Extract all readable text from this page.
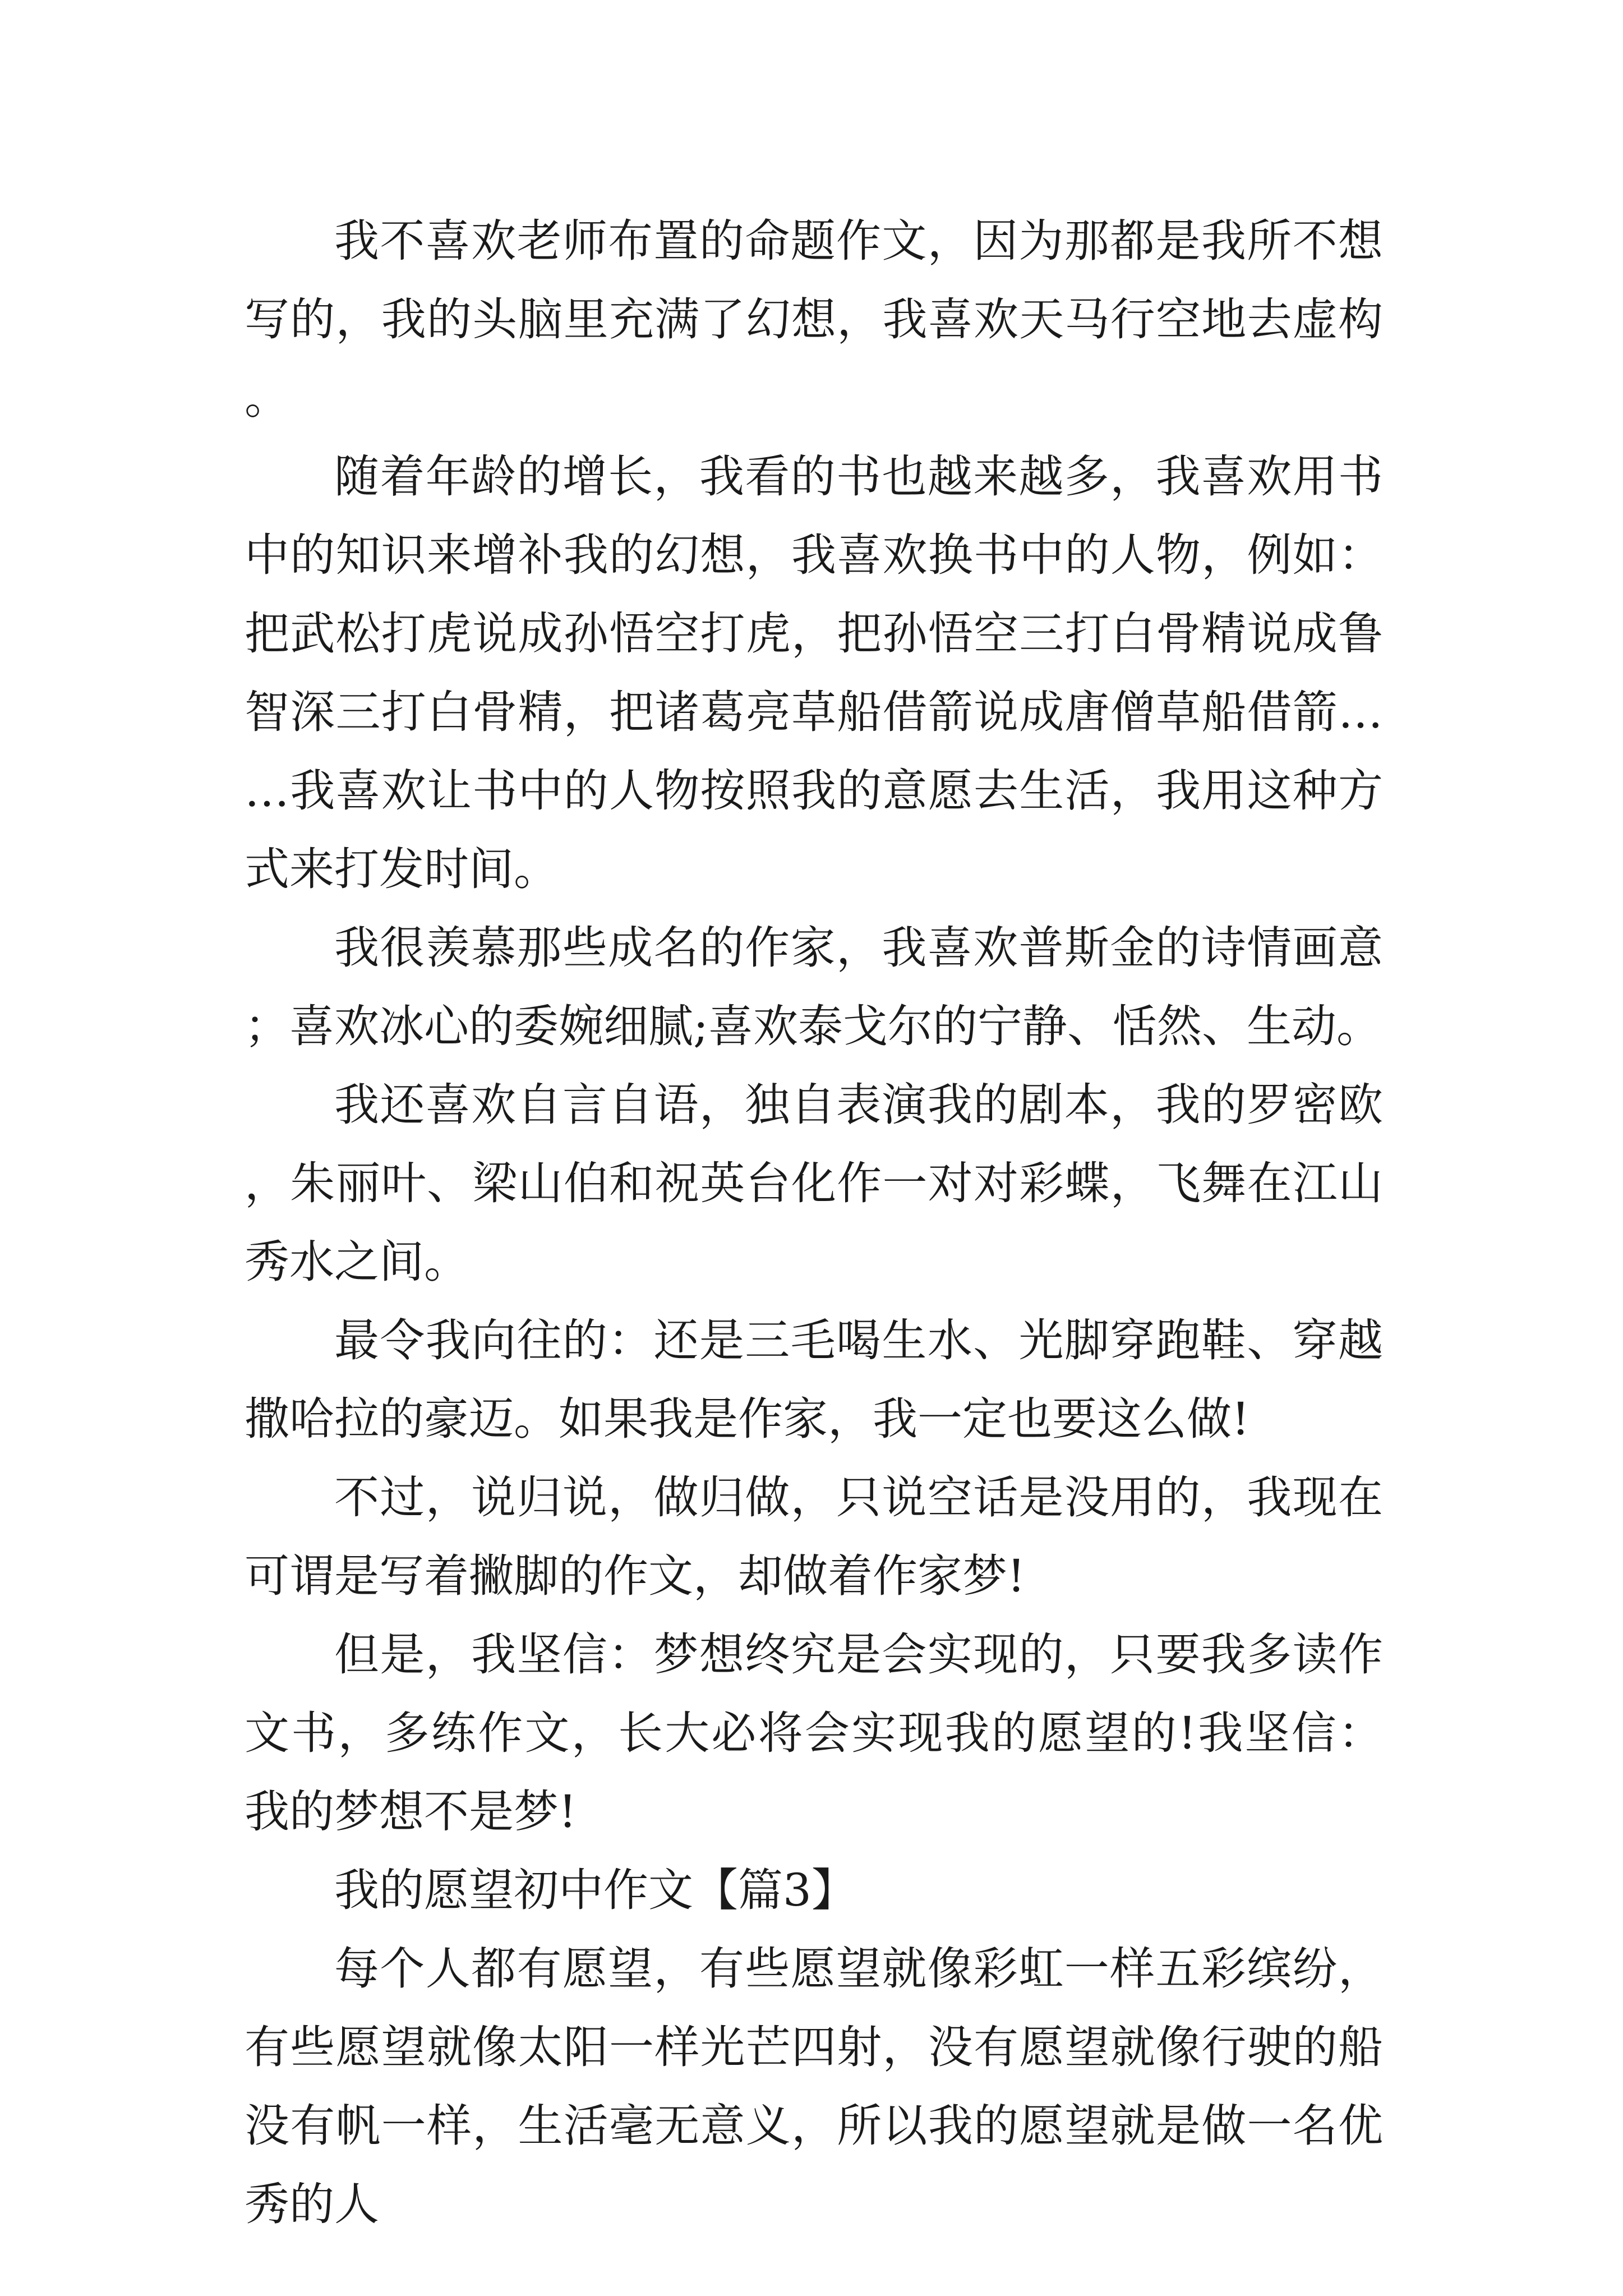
我不喜欢老师布置的命题作文，因为那都是我所不想写的，我的头脑里充满了幻想，我喜欢天马行空地去虚构。

随着年龄的增长，我看的书也越来越多，我喜欢用书中的知识来增补我的幻想，我喜欢换书中的人物，例如：把武松打虎说成孙悟空打虎，把孙悟空三打白骨精说成鲁智深三打白骨精，把诸葛亮草船借箭说成唐僧草船借箭……我喜欢让书中的人物按照我的意愿去生活，我用这种方式来打发时间。

我很羡慕那些成名的作家，我喜欢普斯金的诗情画意；喜欢冰心的委婉细腻;喜欢泰戈尔的宁静、恬然、生动。

我还喜欢自言自语，独自表演我的剧本，我的罗密欧，朱丽叶、梁山伯和祝英台化作一对对彩蝶，飞舞在江山秀水之间。

最令我向往的：还是三毛喝生水、光脚穿跑鞋、穿越撒哈拉的豪迈。如果我是作家，我一定也要这么做!

不过，说归说，做归做，只说空话是没用的，我现在可谓是写着撇脚的作文，却做着作家梦!

但是，我坚信：梦想终究是会实现的，只要我多读作文书，多练作文，长大必将会实现我的愿望的!我坚信：我的梦想不是梦!

我的愿望初中作文【篇3】

每个人都有愿望，有些愿望就像彩虹一样五彩缤纷，有些愿望就像太阳一样光芒四射，没有愿望就像行驶的船没有帆一样，生活毫无意义，所以我的愿望就是做一名优秀的人
